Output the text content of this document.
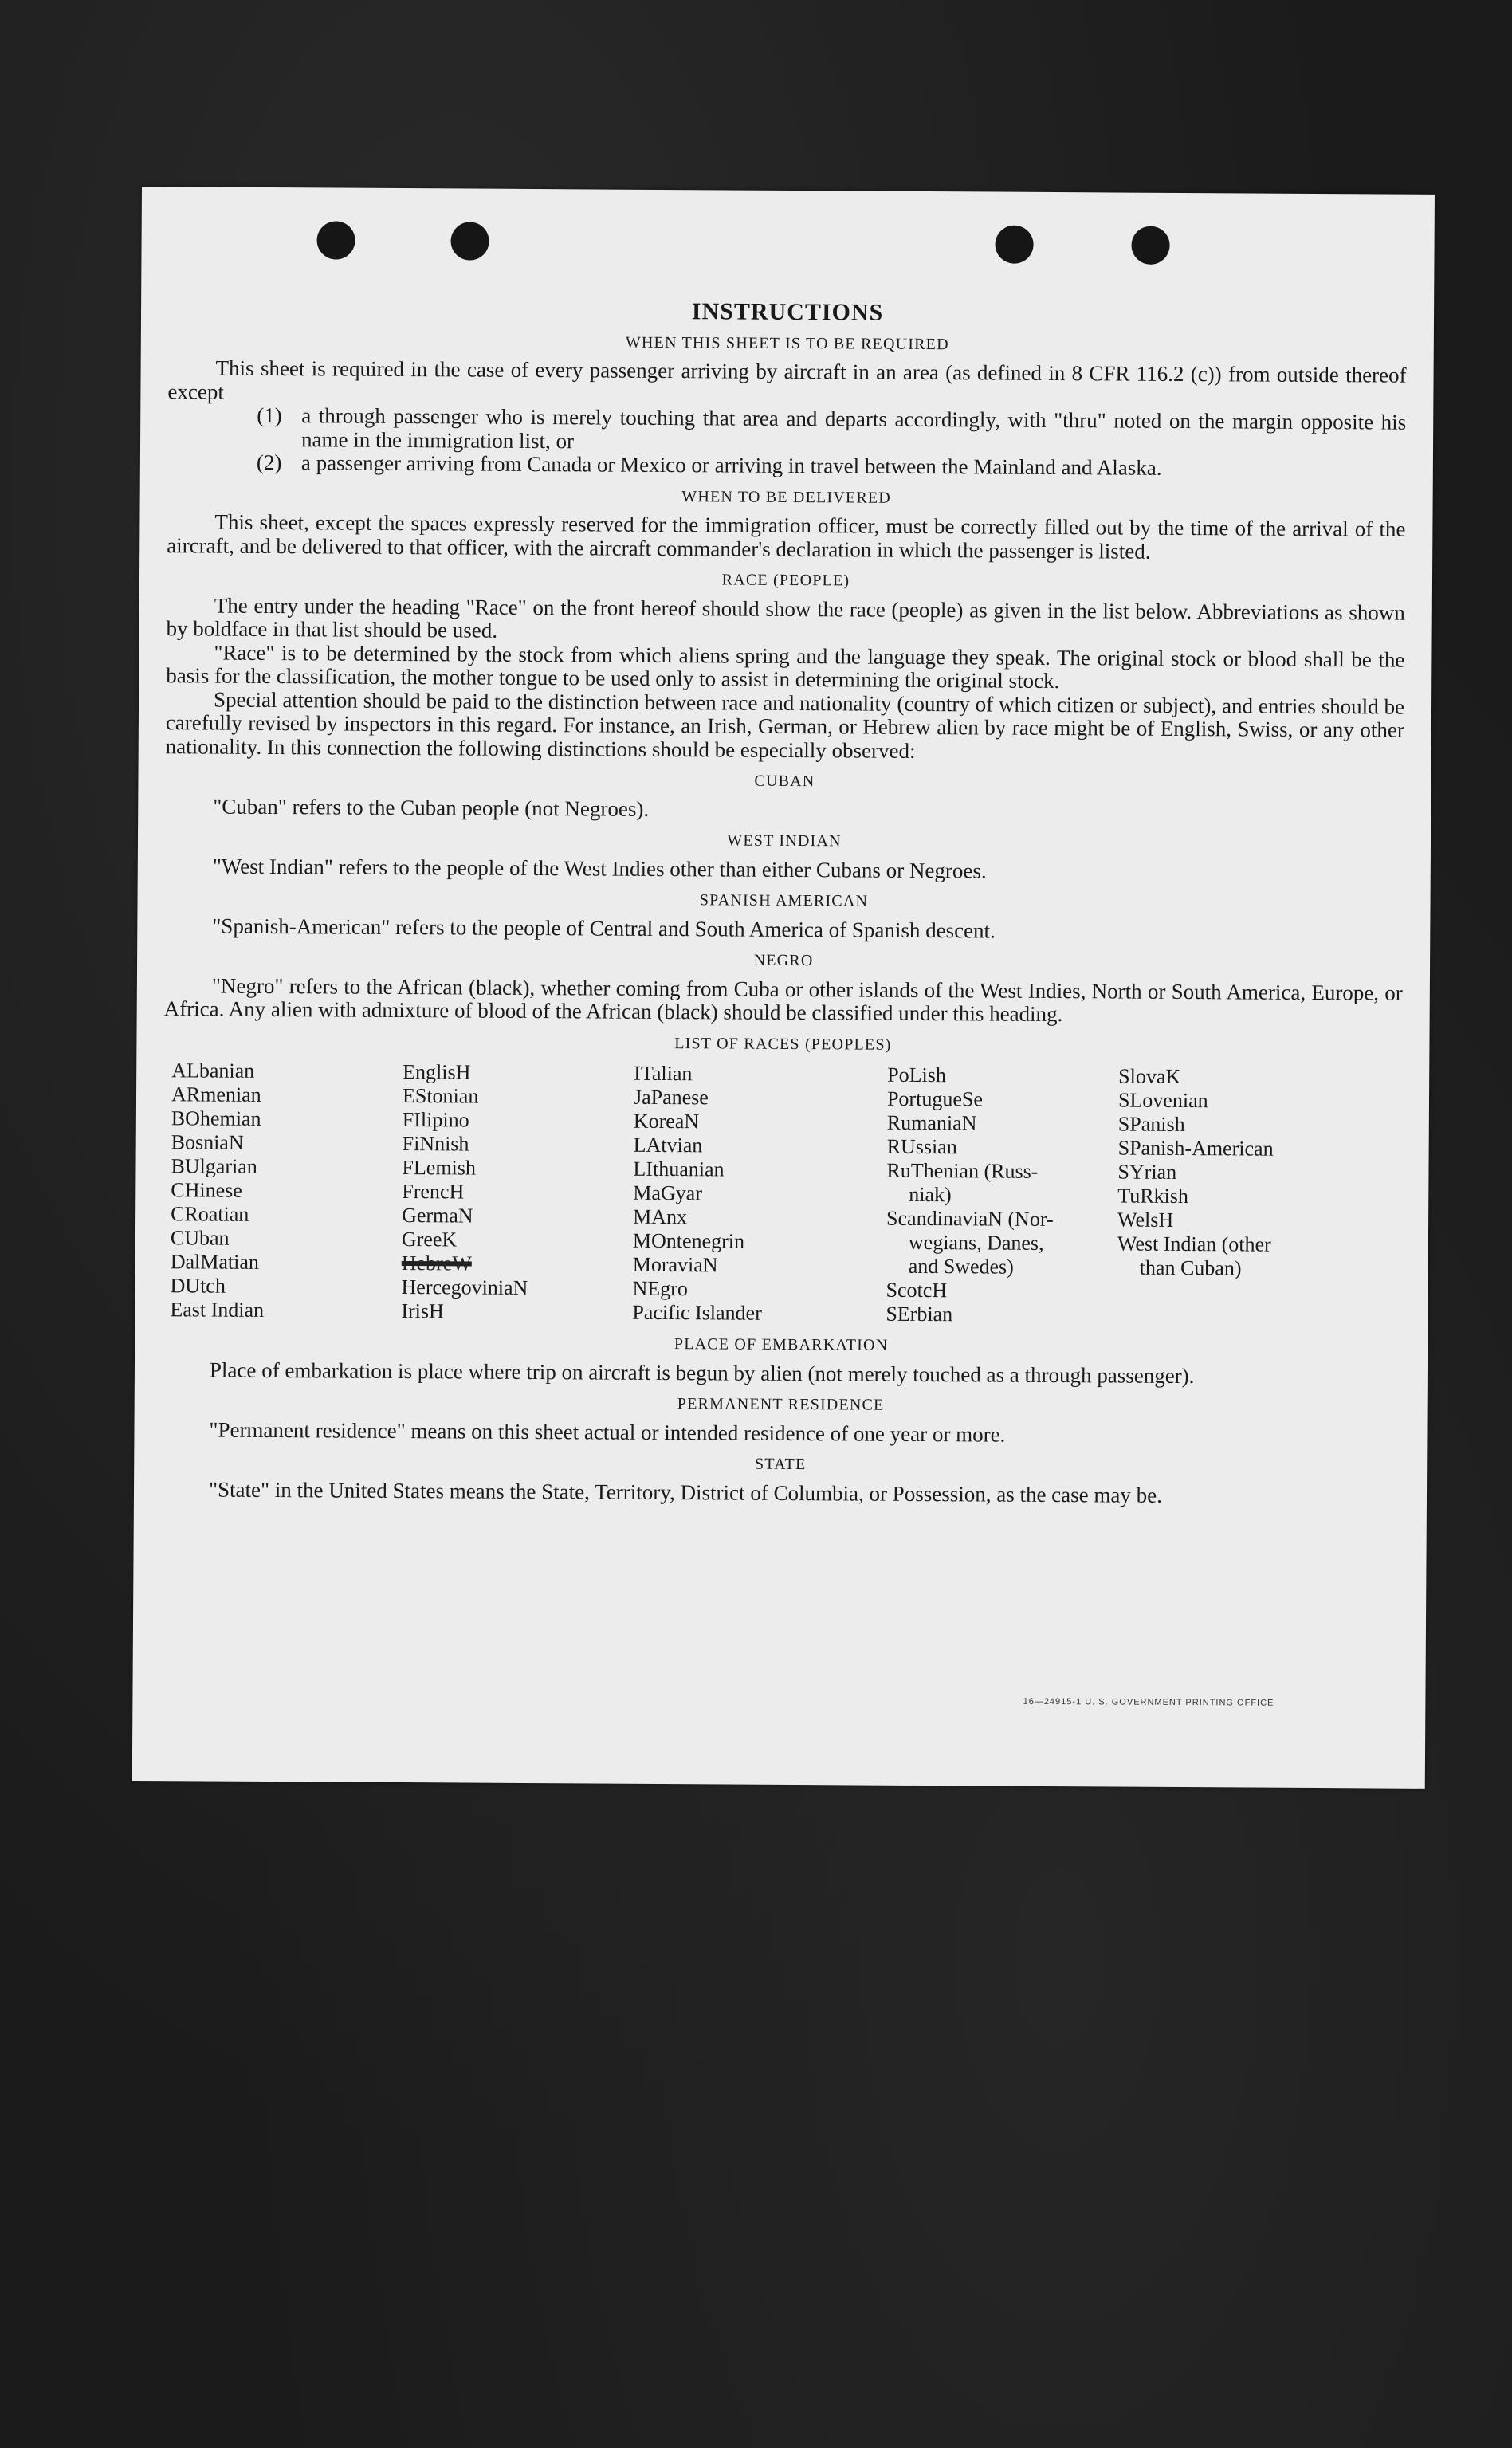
INSTRUCTIONS
WHEN THIS SHEET IS TO BE REQUIRED

This sheet is required in the case of every passenger arriving by aircraft in an area (as defined in 8 CFR 116.2 (c)) from outside thereof except

(1) a through passenger who is merely touching that area and departs accordingly, with "thru" noted on the margin opposite his name in the immigration list, or
(2) a passenger arriving from Canada or Mexico or arriving in travel between the Mainland and Alaska.
WHEN TO BE DELIVERED

This sheet, except the spaces expressly reserved for the immigration officer, must be correctly filled out by the time of the arrival of the aircraft, and be delivered to that officer, with the aircraft commander's declaration in which the passenger is listed.

RACE (PEOPLE)

The entry under the heading "Race" on the front hereof should show the race (people) as given in the list below. Abbreviations as shown by boldface in that list should be used.

"Race" is to be determined by the stock from which aliens spring and the language they speak. The original stock or blood shall be the basis for the classification, the mother tongue to be used only to assist in determining the original stock.

Special attention should be paid to the distinction between race and nationality (country of which citizen or subject), and entries should be carefully revised by inspectors in this regard. For instance, an Irish, German, or Hebrew alien by race might be of English, Swiss, or any other nationality. In this connection the following distinctions should be especially observed:

CUBAN

"Cuban" refers to the Cuban people (not Negroes).

WEST INDIAN

"West Indian" refers to the people of the West Indies other than either Cubans or Negroes.

SPANISH AMERICAN

"Spanish-American" refers to the people of Central and South America of Spanish descent.

NEGRO

"Negro" refers to the African (black), whether coming from Cuba or other islands of the West Indies, North or South America, Europe, or Africa. Any alien with admixture of blood of the African (black) should be classified under this heading.

LIST OF RACES (PEOPLES)
ALbanian
ARmenian
BOhemian
BosniaN
BUlgarian
CHinese
CRoatian
CUban
DalMatian
DUtch
East Indian
EnglisH
EStonian
FIlipino
FiNnish
FLemish
FrencH
GermaN
GreeK
HebreW
HercegoviniaN
IrisH
ITalian
JaPanese
KoreaN
LAtvian
LIthuanian
MaGyar
MAnx
MOntenegrin
MoraviaN
NEgro
Pacific Islander
PoLish
PortugueSe
RumaniaN
RUssian
RuThenian (Russ-
niak)
ScandinaviaN (Nor-
wegians, Danes,
and Swedes)
ScotcH
SErbian
SlovaK
SLovenian
SPanish
SPanish-American
SYrian
TuRkish
WelsH
West Indian (other
than Cuban)
PLACE OF EMBARKATION

Place of embarkation is place where trip on aircraft is begun by alien (not merely touched as a through passenger).

PERMANENT RESIDENCE

"Permanent residence" means on this sheet actual or intended residence of one year or more.

STATE

"State" in the United States means the State, Territory, District of Columbia, or Possession, as the case may be.

16—24915-1 U. S. GOVERNMENT PRINTING OFFICE
